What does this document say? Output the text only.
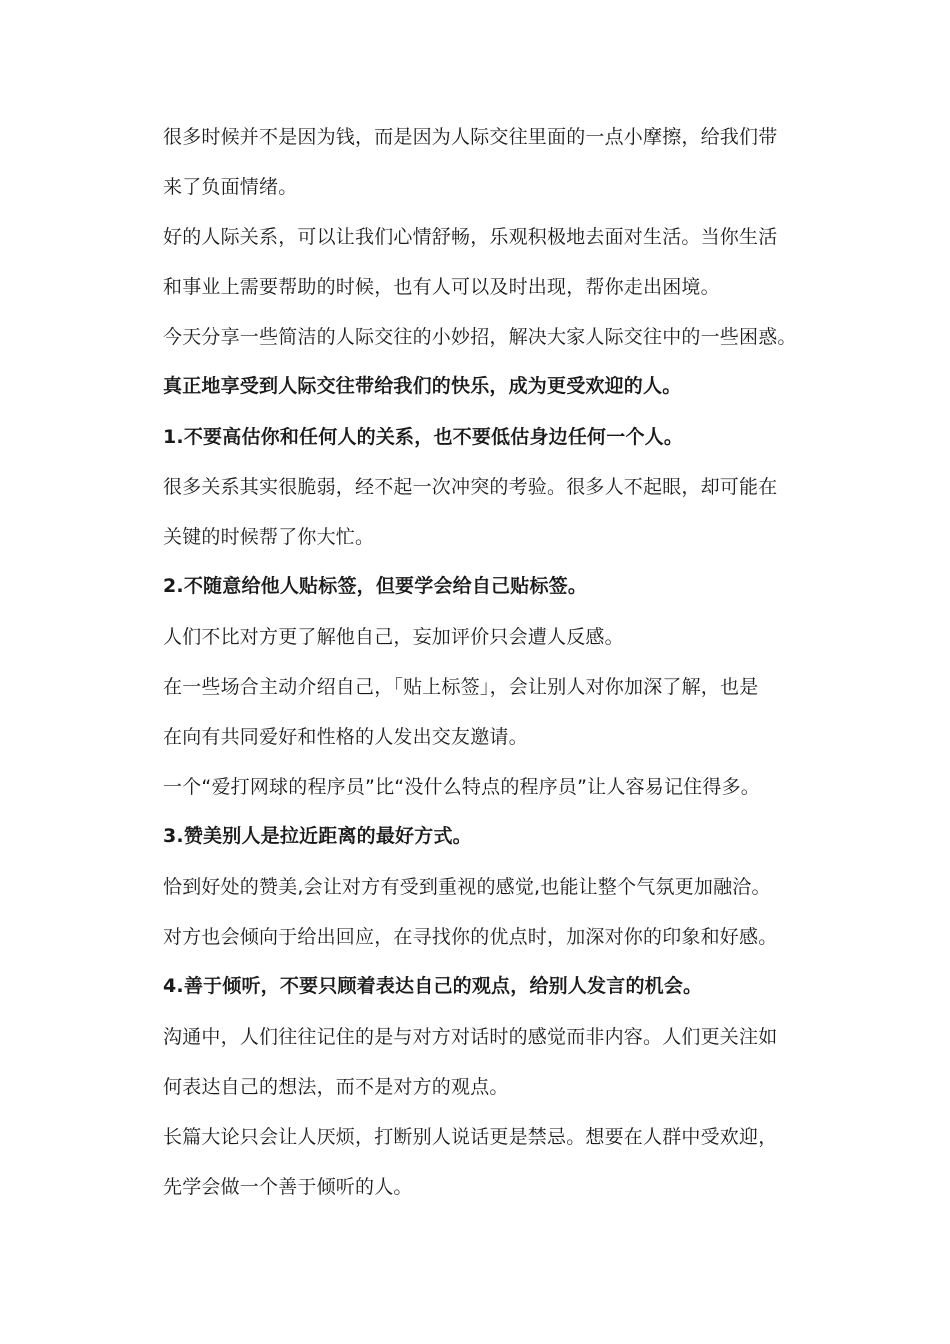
很多时候并不是因为钱，而是因为人际交往里面的一点小摩擦，给我们带
来了负面情绪。
好的人际关系，可以让我们心情舒畅，乐观积极地去面对生活。当你生活
和事业上需要帮助的时候，也有人可以及时出现，帮你走出困境。
今天分享一些简洁的人际交往的小妙招，解决大家人际交往中的一些困惑。
真正地享受到人际交往带给我们的快乐，成为更受欢迎的人。
1.不要高估你和任何人的关系，也不要低估身边任何一个人。
很多关系其实很脆弱，经不起一次冲突的考验。很多人不起眼，却可能在
关键的时候帮了你大忙。
2.不随意给他人贴标签，但要学会给自己贴标签。
人们不比对方更了解他自己，妄加评价只会遭人反感。
在一些场合主动介绍自己，「贴上标签」，会让别人对你加深了解，也是
在向有共同爱好和性格的人发出交友邀请。
一个“爱打网球的程序员”比“没什么特点的程序员”让人容易记住得多。
3.赞美别人是拉近距离的最好方式。
恰到好处的赞美,会让对方有受到重视的感觉,也能让整个气氛更加融洽。
对方也会倾向于给出回应，在寻找你的优点时，加深对你的印象和好感。
4.善于倾听，不要只顾着表达自己的观点，给别人发言的机会。
沟通中，人们往往记住的是与对方对话时的感觉而非内容。人们更关注如
何表达自己的想法，而不是对方的观点。
长篇大论只会让人厌烦，打断别人说话更是禁忌。想要在人群中受欢迎，
先学会做一个善于倾听的人。
